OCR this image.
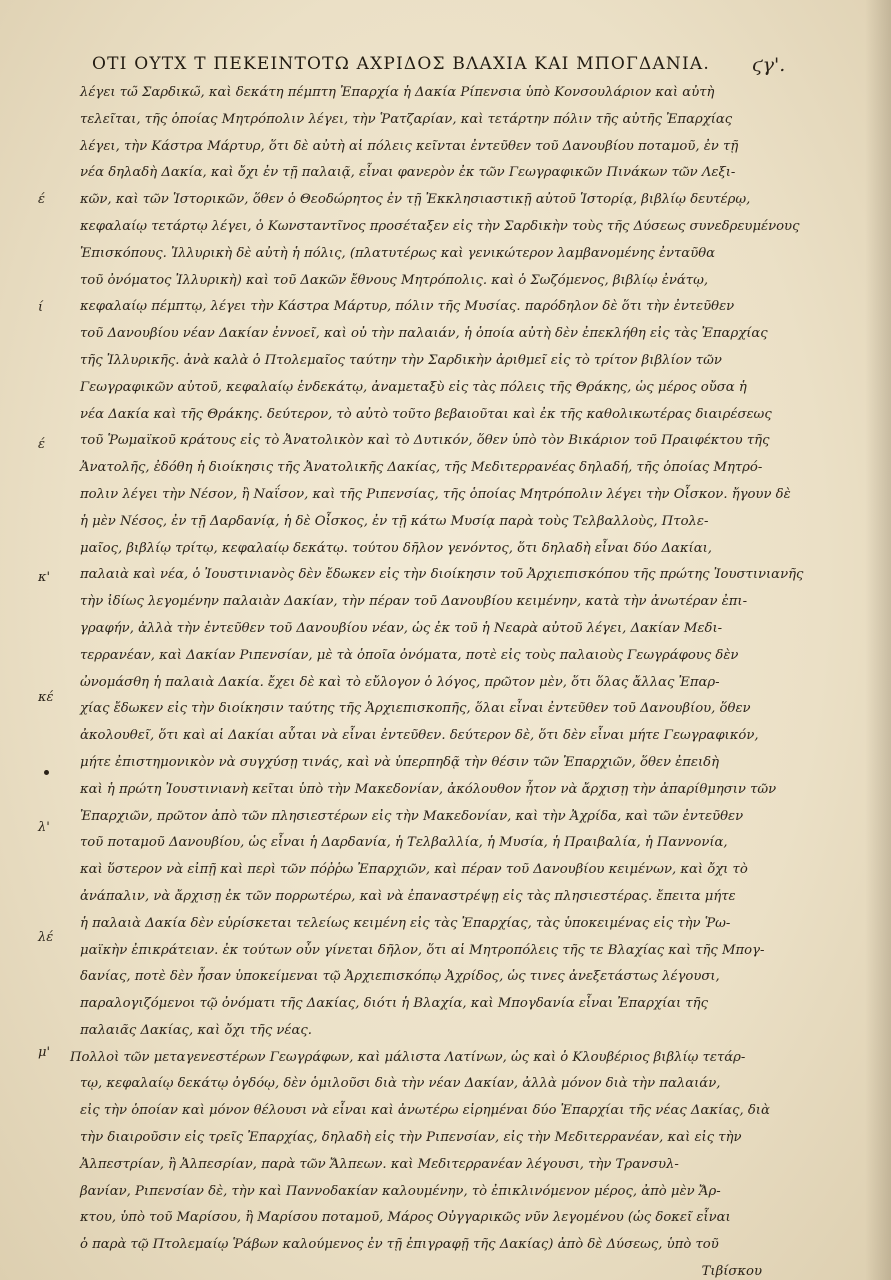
ΟΤΙ ΟΥΤΧ Τ ΠΕΚΕΙΝΤΟΤΩ ΑΧΡΙΔΟΣ ΒΛΑΧΙΑ ΚΑΙ ΜΠΟΓΔΑΝΙΑ.	ϛγ'.
έ
ί
έ
κ'
κέ
λ'
λέ
μ'
λέγει τω̃ Σαρδικω̃, καὶ δεκάτη πέμπτη Ἐπαρχία ἡ Δακία Ρίπενσια ὑπὸ Κονσουλάριον καὶ αὐτὴ
τελεῖται, τῆς ὁποίας Μητρόπολιν λέγει, τὴν Ῥατζαρίαν, καὶ τετάρτην πόλιν τῆς αὐτῆς Ἐπαρχίας
λέγει, τὴν Κάστρα Μάρτυρ, ὅτι δὲ αὐτὴ αἱ πόλεις κεῖνται ἐντεῦθεν τοῦ Δανουβίου ποταμοῦ, ἐν τῇ
νέα δηλαδὴ Δακία, καὶ ὄχι ἐν τῇ παλαιᾷ, εἶναι φανερὸν ἐκ τῶν Γεωγραφικῶν Πινάκων τῶν Λεξι-
κῶν, καὶ τῶν Ἱστορικῶν, ὅθεν ὁ Θεοδώρητος ἐν τῇ Ἐκκλησιαστικῇ αὐτοῦ Ἱστορίᾳ, βιβλίῳ δευτέρῳ,
κεφαλαίῳ τετάρτῳ λέγει, ὁ Κωνσταντῖνος προσέταξεν εἰς τὴν Σαρδικὴν τοὺς τῆς Δύσεως συνεδρευμένους
Ἐπισκόπους. Ἰλλυρικὴ δὲ αὐτὴ ἡ πόλις, (πλατυτέρως καὶ γενικώτερον λαμβανομένης ἐνταῦθα
τοῦ ὀνόματος Ἰλλυρικὴ) καὶ τοῦ Δακῶν ἔθνους Μητρόπολις. καὶ ὁ Σωζόμενος, βιβλίῳ ἐνάτῳ,
κεφαλαίῳ πέμπτῳ, λέγει τὴν Κάστρα Μάρτυρ, πόλιν τῆς Μυσίας. παρόδηλον δὲ ὅτι τὴν ἐντεῦθεν
τοῦ Δανουβίου νέαν Δακίαν ἐννοεῖ, καὶ οὐ τὴν παλαιάν, ἡ ὁποία αὐτὴ δὲν ἐπεκλήθη εἰς τὰς Ἐπαρχίας
τῆς Ἰλλυρικῆς. ἀνὰ καλὰ ὁ Πτολεμαῖος ταύτην τὴν Σαρδικὴν ἀριθμεῖ εἰς τὸ τρίτον βιβλίον τῶν
Γεωγραφικῶν αὐτοῦ, κεφαλαίῳ ἑνδεκάτῳ, ἀναμεταξὺ εἰς τὰς πόλεις τῆς Θράκης, ὡς μέρος οὔσα ἡ
νέα Δακία καὶ τῆς Θράκης. δεύτερον, τὸ αὐτὸ τοῦτο βεβαιοῦται καὶ ἐκ τῆς καθολικωτέρας διαιρέσεως
τοῦ Ῥωμαϊκοῦ κράτους εἰς τὸ Ἀνατολικὸν καὶ τὸ Δυτικόν, ὅθεν ὑπὸ τὸν Βικάριον τοῦ Πραιφέκτου τῆς
Ἀνατολῆς, ἐδόθη ἡ διοίκησις τῆς Ἀνατολικῆς Δακίας, τῆς Μεδιτερρανέας δηλαδή, τῆς ὁποίας Μητρό-
πολιν λέγει τὴν Νέσον, ἢ Ναΐσον, καὶ τῆς Ριπενσίας, τῆς ὁποίας Μητρόπολιν λέγει τὴν Οἶσκον. ἤγουν δὲ
ἡ μὲν Νέσος, ἐν τῇ Δαρδανίᾳ, ἡ δὲ Οἶσκος, ἐν τῇ κάτω Μυσίᾳ παρὰ τοὺς Τελβαλλοὺς, Πτολε-
μαῖος, βιβλίῳ τρίτῳ, κεφαλαίῳ δεκάτῳ. τούτου δῆλον γενόντος, ὅτι δηλαδὴ εἶναι δύο Δακίαι,
παλαιὰ καὶ νέα, ὁ Ἰουστινιανὸς δὲν ἔδωκεν εἰς τὴν διοίκησιν τοῦ Ἀρχιεπισκόπου τῆς πρώτης Ἰουστινιανῆς
τὴν ἰδίως λεγομένην παλαιὰν Δακίαν, τὴν πέραν τοῦ Δανουβίου κειμένην, κατὰ τὴν ἀνωτέραν ἐπι-
γραφήν, ἀλλὰ τὴν ἐντεῦθεν τοῦ Δανουβίου νέαν, ὡς ἐκ τοῦ ἡ Νεαρὰ αὐτοῦ λέγει, Δακίαν Μεδι-
τερρανέαν, καὶ Δακίαν Ριπενσίαν, μὲ τὰ ὁποῖα ὀνόματα, ποτὲ εἰς τοὺς παλαιοὺς Γεωγράφους δὲν
ὠνομάσθη ἡ παλαιὰ Δακία. ἔχει δὲ καὶ τὸ εὔλογον ὁ λόγος, πρῶτον μὲν, ὅτι ὅλας ἄλλας Ἐπαρ-
χίας ἔδωκεν εἰς τὴν διοίκησιν ταύτης τῆς Ἀρχιεπισκοπῆς, ὅλαι εἶναι ἐντεῦθεν τοῦ Δανουβίου, ὅθεν
ἀκολουθεῖ, ὅτι καὶ αἱ Δακίαι αὗται νὰ εἶναι ἐντεῦθεν. δεύτερον δὲ, ὅτι δὲν εἶναι μήτε Γεωγραφικόν,
μήτε ἐπιστημονικὸν νὰ συγχύσῃ τινάς, καὶ νὰ ὑπερπηδᾷ τὴν θέσιν τῶν Ἐπαρχιῶν, ὅθεν ἐπειδὴ
καὶ ἡ πρώτη Ἰουστινιανὴ κεῖται ὑπὸ τὴν Μακεδονίαν, ἀκόλουθον ἦτον νὰ ἄρχισῃ τὴν ἀπαρίθμησιν τῶν
Ἐπαρχιῶν, πρῶτον ἀπὸ τῶν πλησιεστέρων εἰς τὴν Μακεδονίαν, καὶ τὴν Ἀχρίδα, καὶ τῶν ἐντεῦθεν
τοῦ ποταμοῦ Δανουβίου, ὡς εἶναι ἡ Δαρδανία, ἡ Τελβαλλία, ἡ Μυσία, ἡ Πραιβαλία, ἡ Παννονία,
καὶ ὕστερον νὰ εἰπῇ καὶ περὶ τῶν πόῤῥω Ἐπαρχιῶν, καὶ πέραν τοῦ Δανουβίου κειμένων, καὶ ὄχι τὸ
ἀνάπαλιν, νὰ ἄρχισῃ ἐκ τῶν πορρωτέρω, καὶ νὰ ἐπαναστρέψῃ εἰς τὰς πλησιεστέρας. ἔπειτα μήτε
ἡ παλαιὰ Δακία δὲν εὑρίσκεται τελείως κειμένη εἰς τὰς Ἐπαρχίας, τὰς ὑποκειμένας εἰς τὴν Ῥω-
μαϊκὴν ἐπικράτειαν. ἐκ τούτων οὖν γίνεται δῆλον, ὅτι αἱ Μητροπόλεις τῆς τε Βλαχίας καὶ τῆς Μπογ-
δανίας, ποτὲ δὲν ἦσαν ὑποκείμεναι τῷ Ἀρχιεπισκόπῳ Ἀχρίδος, ὡς τινες ἀνεξετάστως λέγουσι,
παραλογιζόμενοι τῷ ὀνόματι τῆς Δακίας, διότι ἡ Βλαχία, καὶ Μπογδανία εἶναι Ἐπαρχίαι τῆς
παλαιᾶς Δακίας, καὶ ὄχι τῆς νέας.
Πολλοὶ τῶν μεταγενεστέρων Γεωγράφων, καὶ μάλιστα Λατίνων, ὡς καὶ ὁ Κλουβέριος βιβλίῳ τετάρ-
τῳ, κεφαλαίῳ δεκάτῳ ὀγδόῳ, δὲν ὁμιλοῦσι διὰ τὴν νέαν Δακίαν, ἀλλὰ μόνον διὰ τὴν παλαιάν,
εἰς τὴν ὁποίαν καὶ μόνον θέλουσι νὰ εἶναι καὶ ἀνωτέρω εἰρημέναι δύο Ἐπαρχίαι τῆς νέας Δακίας, διὰ
τὴν διαιροῦσιν εἰς τρεῖς Ἐπαρχίας, δηλαδὴ εἰς τὴν Ριπενσίαν, εἰς τὴν Μεδιτερρανέαν, καὶ εἰς τὴν
Ἀλπεστρίαν, ἢ Ἀλπεσρίαν, παρὰ τῶν Ἄλπεων. καὶ Μεδιτερρανέαν λέγουσι, τὴν Τρανσυλ-
βανίαν, Ριπενσίαν δὲ, τὴν καὶ Παννοδακίαν καλουμένην, τὸ ἐπικλινόμενον μέρος, ἀπὸ μὲν Ἄρ-
κτου, ὑπὸ τοῦ Μαρίσου, ἢ Μαρίσου ποταμοῦ, Μάρος Οὐγγαρικῶς νῦν λεγομένου (ὡς δοκεῖ εἶναι
ὁ παρὰ τῷ Πτολεμαίῳ Ῥάβων καλούμενος ἐν τῇ ἐπιγραφῇ τῆς Δακίας) ἀπὸ δὲ Δύσεως, ὑπὸ τοῦ
Τιβίσκου
